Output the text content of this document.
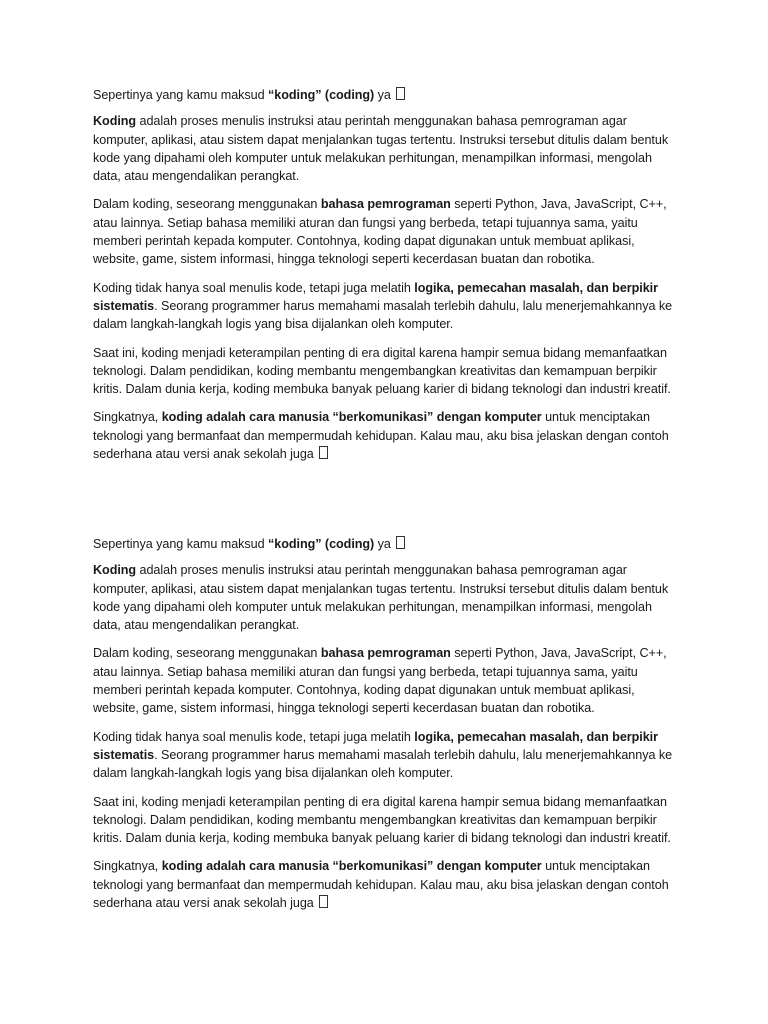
Sepertinya yang kamu maksud “koding” (coding) ya

Koding adalah proses menulis instruksi atau perintah menggunakan bahasa pemrograman agar komputer, aplikasi, atau sistem dapat menjalankan tugas tertentu. Instruksi tersebut ditulis dalam bentuk kode yang dipahami oleh komputer untuk melakukan perhitungan, menampilkan informasi, mengolah data, atau mengendalikan perangkat.

Dalam koding, seseorang menggunakan bahasa pemrograman seperti Python, Java, JavaScript, C++, atau lainnya. Setiap bahasa memiliki aturan dan fungsi yang berbeda, tetapi tujuannya sama, yaitu memberi perintah kepada komputer. Contohnya, koding dapat digunakan untuk membuat aplikasi, website, game, sistem informasi, hingga teknologi seperti kecerdasan buatan dan robotika.

Koding tidak hanya soal menulis kode, tetapi juga melatih logika, pemecahan masalah, dan berpikir sistematis. Seorang programmer harus memahami masalah terlebih dahulu, lalu menerjemahkannya ke dalam langkah-langkah logis yang bisa dijalankan oleh komputer.

Saat ini, koding menjadi keterampilan penting di era digital karena hampir semua bidang memanfaatkan teknologi. Dalam pendidikan, koding membantu mengembangkan kreativitas dan kemampuan berpikir kritis. Dalam dunia kerja, koding membuka banyak peluang karier di bidang teknologi dan industri kreatif.

Singkatnya, koding adalah cara manusia “berkomunikasi” dengan komputer untuk menciptakan teknologi yang bermanfaat dan mempermudah kehidupan. Kalau mau, aku bisa jelaskan dengan contoh sederhana atau versi anak sekolah juga

Sepertinya yang kamu maksud “koding” (coding) ya

Koding adalah proses menulis instruksi atau perintah menggunakan bahasa pemrograman agar komputer, aplikasi, atau sistem dapat menjalankan tugas tertentu. Instruksi tersebut ditulis dalam bentuk kode yang dipahami oleh komputer untuk melakukan perhitungan, menampilkan informasi, mengolah data, atau mengendalikan perangkat.

Dalam koding, seseorang menggunakan bahasa pemrograman seperti Python, Java, JavaScript, C++, atau lainnya. Setiap bahasa memiliki aturan dan fungsi yang berbeda, tetapi tujuannya sama, yaitu memberi perintah kepada komputer. Contohnya, koding dapat digunakan untuk membuat aplikasi, website, game, sistem informasi, hingga teknologi seperti kecerdasan buatan dan robotika.

Koding tidak hanya soal menulis kode, tetapi juga melatih logika, pemecahan masalah, dan berpikir sistematis. Seorang programmer harus memahami masalah terlebih dahulu, lalu menerjemahkannya ke dalam langkah-langkah logis yang bisa dijalankan oleh komputer.

Saat ini, koding menjadi keterampilan penting di era digital karena hampir semua bidang memanfaatkan teknologi. Dalam pendidikan, koding membantu mengembangkan kreativitas dan kemampuan berpikir kritis. Dalam dunia kerja, koding membuka banyak peluang karier di bidang teknologi dan industri kreatif.

Singkatnya, koding adalah cara manusia “berkomunikasi” dengan komputer untuk menciptakan teknologi yang bermanfaat dan mempermudah kehidupan. Kalau mau, aku bisa jelaskan dengan contoh sederhana atau versi anak sekolah juga
